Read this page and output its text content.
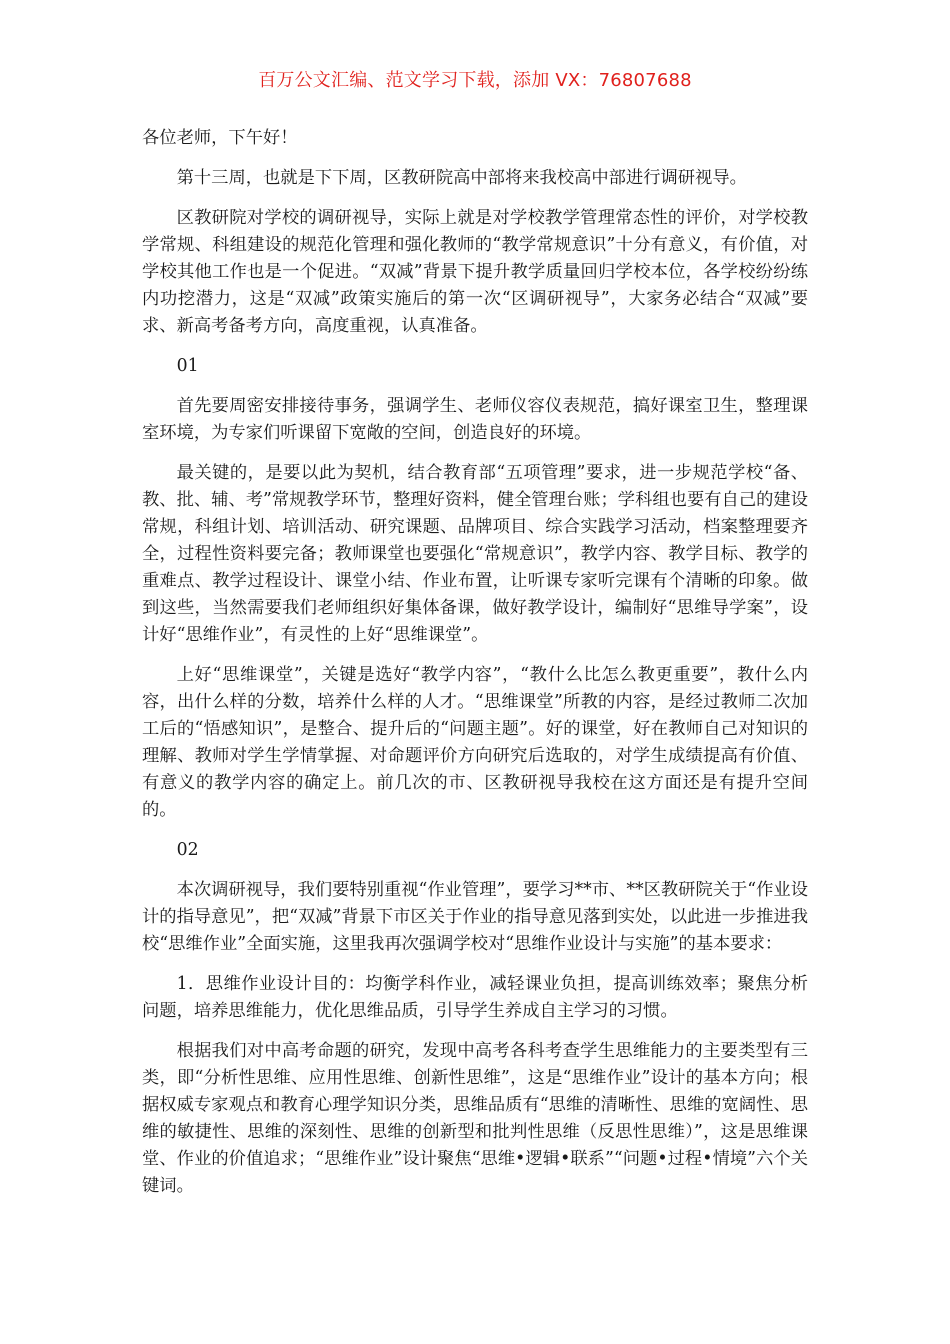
百万公文汇编、范文学习下载，添加 VX：76807688

各位老师，下午好！

第十三周，也就是下下周，区教研院高中部将来我校高中部进行调研视导。

区教研院对学校的调研视导，实际上就是对学校教学管理常态性的评价，对学校教学常规、科组建设的规范化管理和强化教师的“教学常规意识”十分有意义，有价值，对学校其他工作也是一个促进。“双减”背景下提升教学质量回归学校本位，各学校纷纷练内功挖潜力，这是“双减”政策实施后的第一次“区调研视导”，大家务必结合“双减”要求、新高考备考方向，高度重视，认真准备。

01

首先要周密安排接待事务，强调学生、老师仪容仪表规范，搞好课室卫生，整理课室环境，为专家们听课留下宽敞的空间，创造良好的环境。

最关键的，是要以此为契机，结合教育部“五项管理”要求，进一步规范学校“备、教、批、辅、考”常规教学环节，整理好资料，健全管理台账；学科组也要有自己的建设常规，科组计划、培训活动、研究课题、品牌项目、综合实践学习活动，档案整理要齐全，过程性资料要完备；教师课堂也要强化“常规意识”，教学内容、教学目标、教学的重难点、教学过程设计、课堂小结、作业布置，让听课专家听完课有个清晰的印象。做到这些，当然需要我们老师组织好集体备课，做好教学设计，编制好“思维导学案”，设计好“思维作业”，有灵性的上好“思维课堂”。

上好“思维课堂”，关键是选好“教学内容”，“教什么比怎么教更重要”，教什么内容，出什么样的分数，培养什么样的人才。“思维课堂”所教的内容，是经过教师二次加工后的“悟感知识”，是整合、提升后的“问题主题”。好的课堂，好在教师自己对知识的理解、教师对学生学情掌握、对命题评价方向研究后选取的，对学生成绩提高有价值、有意义的教学内容的确定上。前几次的市、区教研视导我校在这方面还是有提升空间的。

02

本次调研视导，我们要特别重视“作业管理”，要学习**市、**区教研院关于“作业设计的指导意见”，把“双减”背景下市区关于作业的指导意见落到实处，以此进一步推进我校“思维作业”全面实施，这里我再次强调学校对“思维作业设计与实施”的基本要求：

1．思维作业设计目的：均衡学科作业，减轻课业负担，提高训练效率；聚焦分析问题，培养思维能力，优化思维品质，引导学生养成自主学习的习惯。

根据我们对中高考命题的研究，发现中高考各科考查学生思维能力的主要类型有三类，即“分析性思维、应用性思维、创新性思维”，这是“思维作业”设计的基本方向；根据权威专家观点和教育心理学知识分类，思维品质有“思维的清晰性、思维的宽阔性、思维的敏捷性、思维的深刻性、思维的创新型和批判性思维（反思性思维）”，这是思维课堂、作业的价值追求；“思维作业”设计聚焦“思维•逻辑•联系”“问题•过程•情境”六个关键词。
